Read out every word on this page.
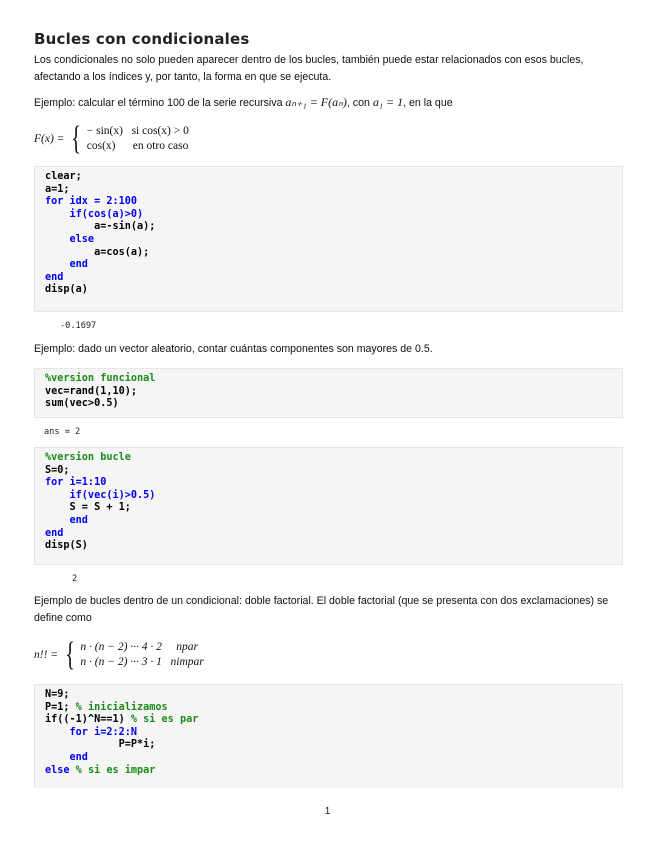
Bucles con condicionales
Los condicionales no solo pueden aparecer dentro de los bucles, también puede estar relacionados con esos bucles, afectando a los índices y, por tanto, la forma en que se ejecuta.
Ejemplo: calcular el término 100 de la serie recursiva aₙ₊₁ = F(aₙ), con a₁ = 1, en la que
F(x) = { − sin(x)   si cos(x) > 0
cos(x)      en otro caso
clear;
a=1;
for idx = 2:100
if(cos(a)>0)
a=-sin(a);
else
a=cos(a);
end
end
disp(a)
-0.1697
Ejemplo: dado un vector aleatorio, contar cuántas componentes son mayores de 0.5.
%version funcional
vec=rand(1,10);
sum(vec>0.5)
ans = 2
%version bucle
S=0;
for i=1:10
if(vec(i)>0.5)
S = S + 1;
end
end
disp(S)
2
Ejemplo de bucles dentro de un condicional: doble factorial. El doble factorial (que se presenta con dos exclamaciones) se define como
n!! = { n · (n − 2) ··· 4 · 2     npar
n · (n − 2) ··· 3 · 1   nimpar
N=9;
P=1; % inicializamos
if((-1)^N==1) % si es par
for i=2:2:N
P=P*i;
end
else % si es impar
1
